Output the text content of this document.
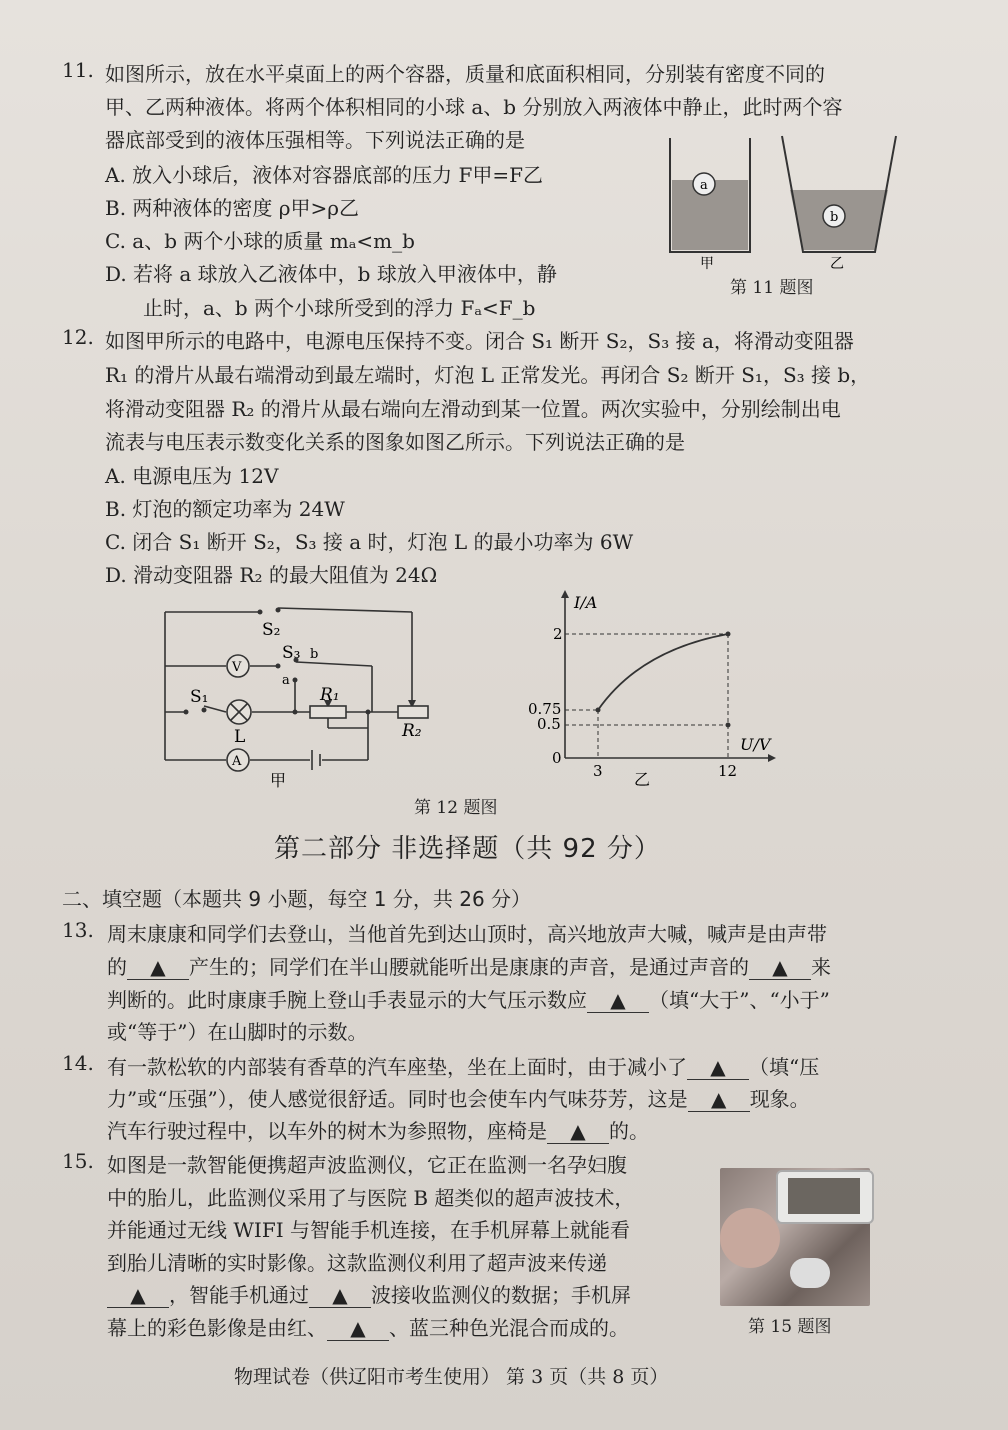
11. 如图所示，放在水平桌面上的两个容器，质量和底面积相同，分别装有密度不同的
甲、乙两种液体。将两个体积相同的小球 a、b 分别放入两液体中静止，此时两个容
器底部受到的液体压强相等。下列说法正确的是
A. 放入小球后，液体对容器底部的压力 F甲=F乙
B. 两种液体的密度 ρ甲>ρ乙
C. a、b 两个小球的质量 mₐ<m_b
D. 若将 a 球放入乙液体中，b 球放入甲液体中，静
止时，a、b 两个小球所受到的浮力 Fₐ<F_b
a
b
甲	乙
第 11 题图
12. 如图甲所示的电路中，电源电压保持不变。闭合 S₁ 断开 S₂，S₃ 接 a，将滑动变阻器
R₁ 的滑片从最右端滑动到最左端时，灯泡 L 正常发光。再闭合 S₂ 断开 S₁，S₃ 接 b，
将滑动变阻器 R₂ 的滑片从最右端向左滑动到某一位置。两次实验中，分别绘制出电
流表与电压表示数变化关系的图象如图乙所示。下列说法正确的是
A. 电源电压为 12V
B. 灯泡的额定功率为 24W
C. 闭合 S₁ 断开 S₂，S₃ 接 a 时，灯泡 L 的最小功率为 6W
D. 滑动变阻器 R₂ 的最大阻值为 24Ω
V
A
S₂
S₃ b
a
S₁
L
R₁
R₂
甲
I/A
U/V
2
0.75
0.5
0
3	12
乙
第 12 题图
第二部分 非选择题（共 92 分）
二、填空题（本题共 9 小题，每空 1 分，共 26 分）
13. 周末康康和同学们去登山，当他首先到达山顶时，高兴地放声大喊，喊声是由声带
的 ▲ 产生的；同学们在半山腰就能听出是康康的声音，是通过声音的 ▲ 来
判断的。此时康康手腕上登山手表显示的大气压示数应 ▲ （填“大于”、“小于”
或“等于”）在山脚时的示数。
14. 有一款松软的内部装有香草的汽车座垫，坐在上面时，由于减小了 ▲ （填“压
力”或“压强”），使人感觉很舒适。同时也会使车内气味芬芳，这是 ▲ 现象。
汽车行驶过程中，以车外的树木为参照物，座椅是 ▲ 的。
15. 如图是一款智能便携超声波监测仪，它正在监测一名孕妇腹
中的胎儿，此监测仪采用了与医院 B 超类似的超声波技术，
并能通过无线 WIFI 与智能手机连接，在手机屏幕上就能看
到胎儿清晰的实时影像。这款监测仪利用了超声波来传递
▲ ，智能手机通过 ▲ 波接收监测仪的数据；手机屏
幕上的彩色影像是由红、 ▲ 、蓝三种色光混合而成的。	第 15 题图
物理试卷（供辽阳市考生使用） 第 3 页（共 8 页）
